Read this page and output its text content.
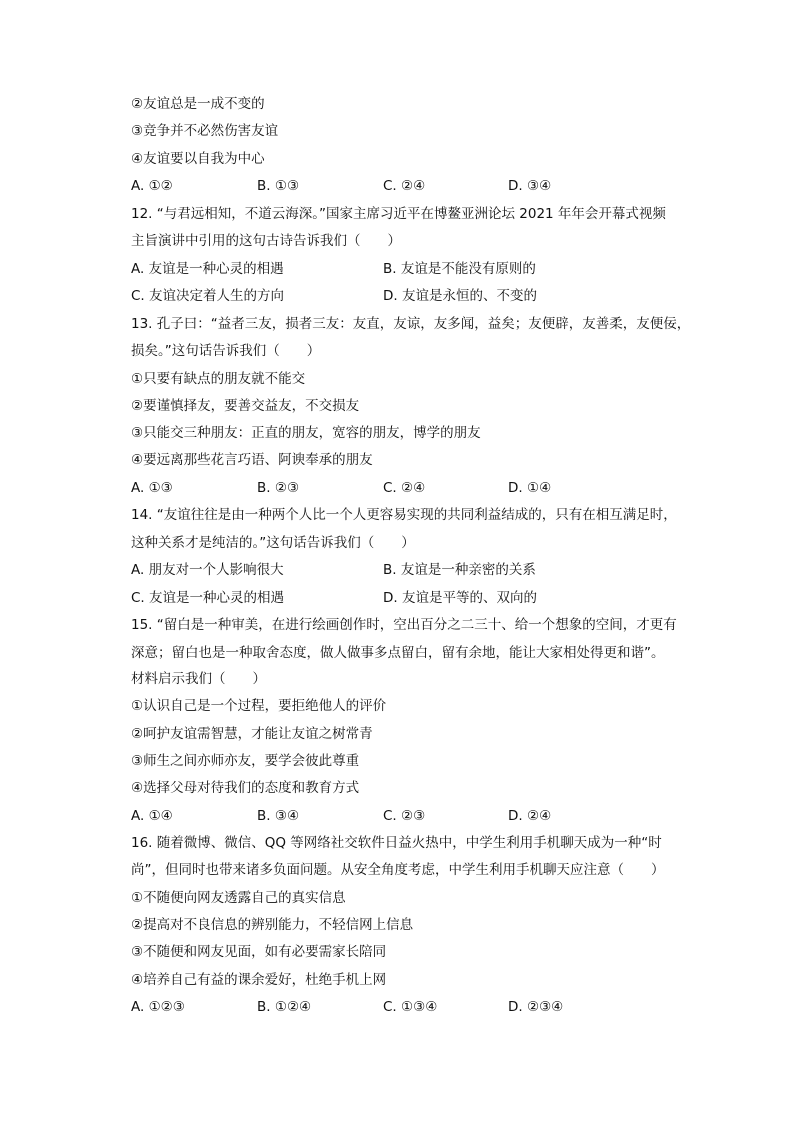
②友谊总是一成不变的
③竞争并不必然伤害友谊
④友谊要以自我为中心
A. ①②	B. ①③	C. ②④	D. ③④
12. “与君远相知，不道云海深。”国家主席习近平在博鳌亚洲论坛 2021 年年会开幕式视频
主旨演讲中引用的这句古诗告诉我们（　　）
A. 友谊是一种心灵的相遇	B. 友谊是不能没有原则的
C. 友谊决定着人生的方向	D. 友谊是永恒的、不变的
13. 孔子曰：“益者三友，损者三友：友直，友谅，友多闻，益矣；友便辟，友善柔，友便佞，
损矣。”这句话告诉我们（　　）
①只要有缺点的朋友就不能交
②要谨慎择友，要善交益友，不交损友
③只能交三种朋友：正直的朋友，宽容的朋友，博学的朋友
④要远离那些花言巧语、阿谀奉承的朋友
A. ①③	B. ②③	C. ②④	D. ①④
14. “友谊往往是由一种两个人比一个人更容易实现的共同利益结成的，只有在相互满足时，
这种关系才是纯洁的。”这句话告诉我们（　　）
A. 朋友对一个人影响很大	B. 友谊是一种亲密的关系
C. 友谊是一种心灵的相遇	D. 友谊是平等的、双向的
15. “留白是一种审美，在进行绘画创作时，空出百分之二三十、给一个想象的空间，才更有
深意；留白也是一种取舍态度，做人做事多点留白，留有余地，能让大家相处得更和谐”。
材料启示我们（　　）
①认识自己是一个过程，要拒绝他人的评价
②呵护友谊需智慧，才能让友谊之树常青
③师生之间亦师亦友，要学会彼此尊重
④选择父母对待我们的态度和教育方式
A. ①④	B. ③④	C. ②③	D. ②④
16. 随着微博、微信、QQ 等网络社交软件日益火热中，中学生利用手机聊天成为一种“时
尚”，但同时也带来诸多负面问题。从安全角度考虑，中学生利用手机聊天应注意（　　）
①不随便向网友透露自己的真实信息
②提高对不良信息的辨别能力，不轻信网上信息
③不随便和网友见面，如有必要需家长陪同
④培养自己有益的课余爱好，杜绝手机上网
A. ①②③	B. ①②④	C. ①③④	D. ②③④
